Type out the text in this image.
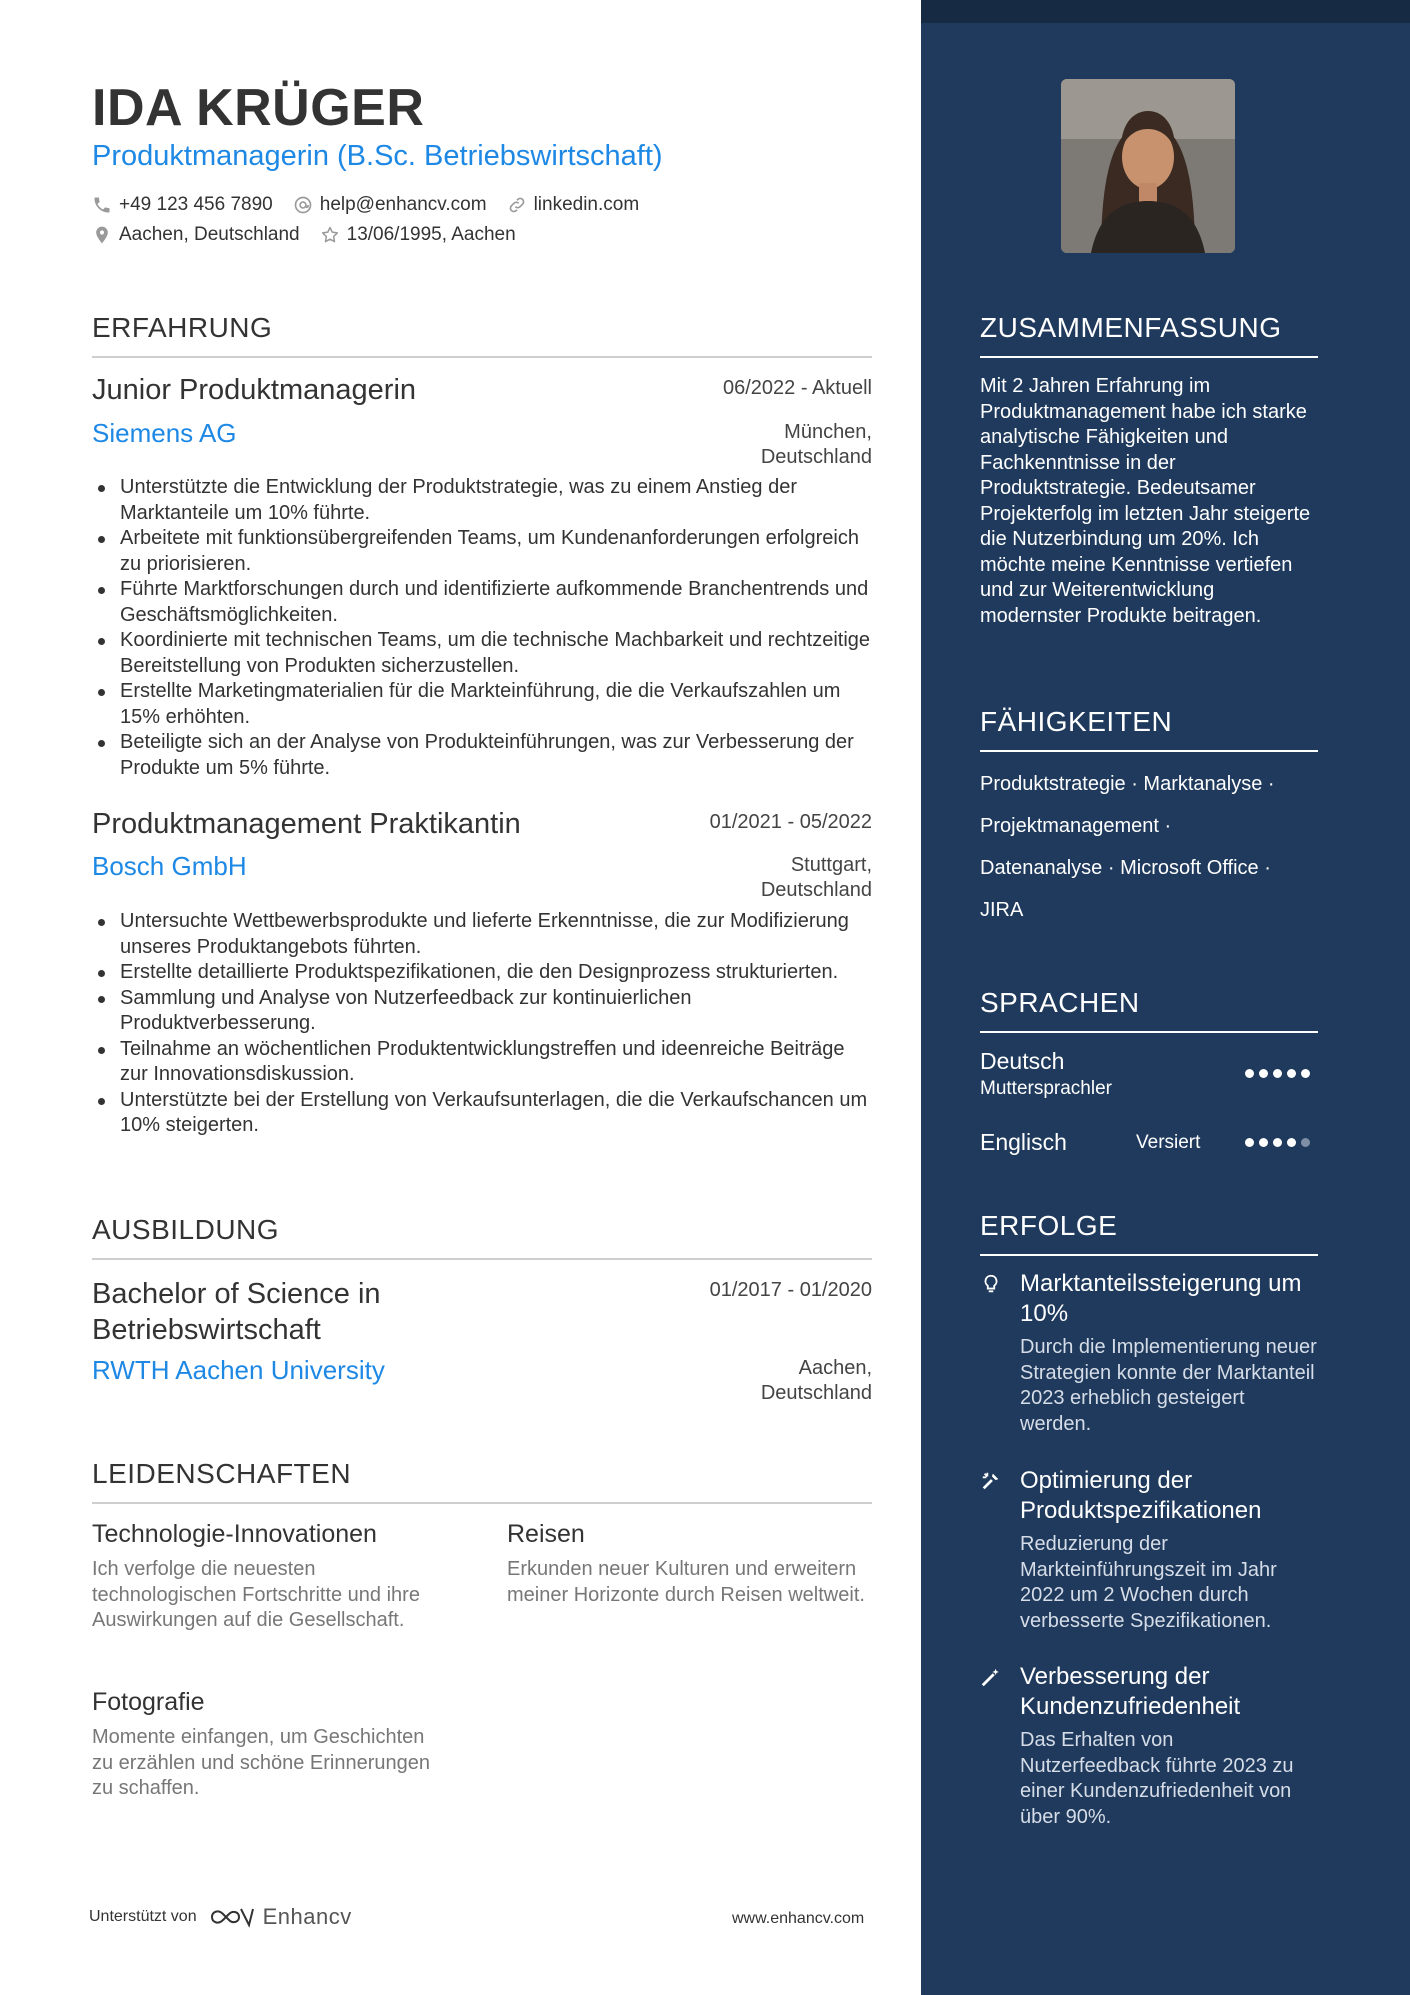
IDA KRÜGER
Produktmanagerin (B.Sc. Betriebswirtschaft)
+49 123 456 7890 help@enhancv.com linkedin.com
Aachen, Deutschland 13/06/1995, Aachen
ERFAHRUNG
Junior Produktmanagerin	06/2022 - Aktuell
Siemens AG	München, Deutschland
Unterstützte die Entwicklung der Produktstrategie, was zu einem Anstieg der Marktanteile um 10% führte.
Arbeitete mit funktionsübergreifenden Teams, um Kundenanforderungen erfolgreich zu priorisieren.
Führte Marktforschungen durch und identifizierte aufkommende Branchentrends und Geschäftsmöglichkeiten.
Koordinierte mit technischen Teams, um die technische Machbarkeit und rechtzeitige Bereitstellung von Produkten sicherzustellen.
Erstellte Marketingmaterialien für die Markteinführung, die die Verkaufszahlen um 15% erhöhten.
Beteiligte sich an der Analyse von Produkteinführungen, was zur Verbesserung der Produkte um 5% führte.
Produktmanagement Praktikantin	01/2021 - 05/2022
Bosch GmbH	Stuttgart, Deutschland
Untersuchte Wettbewerbsprodukte und lieferte Erkenntnisse, die zur Modifizierung unseres Produktangebots führten.
Erstellte detaillierte Produktspezifikationen, die den Designprozess strukturierten.
Sammlung und Analyse von Nutzerfeedback zur kontinuierlichen Produktverbesserung.
Teilnahme an wöchentlichen Produktentwicklungstreffen und ideenreiche Beiträge zur Innovationsdiskussion.
Unterstützte bei der Erstellung von Verkaufsunterlagen, die die Verkaufschancen um 10% steigerten.
AUSBILDUNG
Bachelor of Science in Betriebswirtschaft
01/2017 - 01/2020
RWTH Aachen University	Aachen, Deutschland
LEIDENSCHAFTEN
Technologie-Innovationen
Ich verfolge die neuesten technologischen Fortschritte und ihre Auswirkungen auf die Gesellschaft.
Reisen
Erkunden neuer Kulturen und erweitern meiner Horizonte durch Reisen weltweit.
Fotografie
Momente einfangen, um Geschichten zu erzählen und schöne Erinnerungen zu schaffen.
Unterstützt von	Enhancv	www.enhancv.com
ZUSAMMENFASSUNG
Mit 2 Jahren Erfahrung im Produktmanagement habe ich starke analytische Fähigkeiten und Fachkenntnisse in der Produktstrategie. Bedeutsamer Projekterfolg im letzten Jahr steigerte die Nutzerbindung um 20%. Ich möchte meine Kenntnisse vertiefen und zur Weiterentwicklung modernster Produkte beitragen.
FÄHIGKEITEN
Produktstrategie · Marktanalyse ·
Projektmanagement ·
Datenanalyse · Microsoft Office ·
JIRA
SPRACHEN
Deutsch
Muttersprachler
Englisch	Versiert
ERFOLGE
Marktanteilssteigerung um 10%
Durch die Implementierung neuer Strategien konnte der Marktanteil 2023 erheblich gesteigert werden.
Optimierung der Produktspezifikationen
Reduzierung der Markteinführungszeit im Jahr 2022 um 2 Wochen durch verbesserte Spezifikationen.
Verbesserung der Kundenzufriedenheit
Das Erhalten von Nutzerfeedback führte 2023 zu einer Kundenzufriedenheit von über 90%.
